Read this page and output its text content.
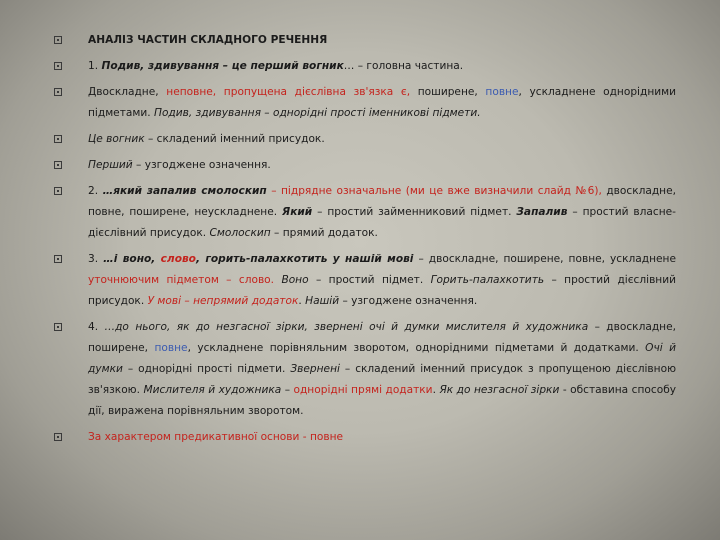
АНАЛІЗ ЧАСТИН СКЛАДНОГО РЕЧЕННЯ
1. Подив, здивування – це перший вогник… – головна частина.
Двоскладне, неповне, пропущена дієслівна зв'язка є, поширене, повне, ускладнене однорідними підметами. Подив, здивування – однорідні прості іменникові підмети.
Це вогник – складений іменний присудок.
Перший – узгоджене означення.
2. …який запалив смолоскип – підрядне означальне (ми це вже визначили слайд №6), двоскладне, повне, поширене, неускладнене. Який – простий займенниковий підмет. Запалив – простий власне-дієслівний присудок. Смолоскип – прямий додаток.
3. …і воно, слово, горить-палахкотить у нашій мові – двоскладне, поширене, повне, ускладнене уточнюючим підметом – слово. Воно – простий підмет. Горить-палахкотить – простий дієслівний присудок. У мові – непрямий додаток. Нашій – узгоджене означення.
4. …до нього, як до незгасної зірки, звернені очі й думки мислителя й художника – двоскладне, поширене, повне, ускладнене порівняльним зворотом, однорідними підметами й додатками. Очі й думки – однорідні прості підмети. Звернені – складений іменний присудок з пропущеною дієслівною зв'язкою. Мислителя й художника – однорідні прямі додатки. Як до незгасної зірки - обставина способу дії, виражена порівняльним зворотом.
За характером предикативної основи - повне
